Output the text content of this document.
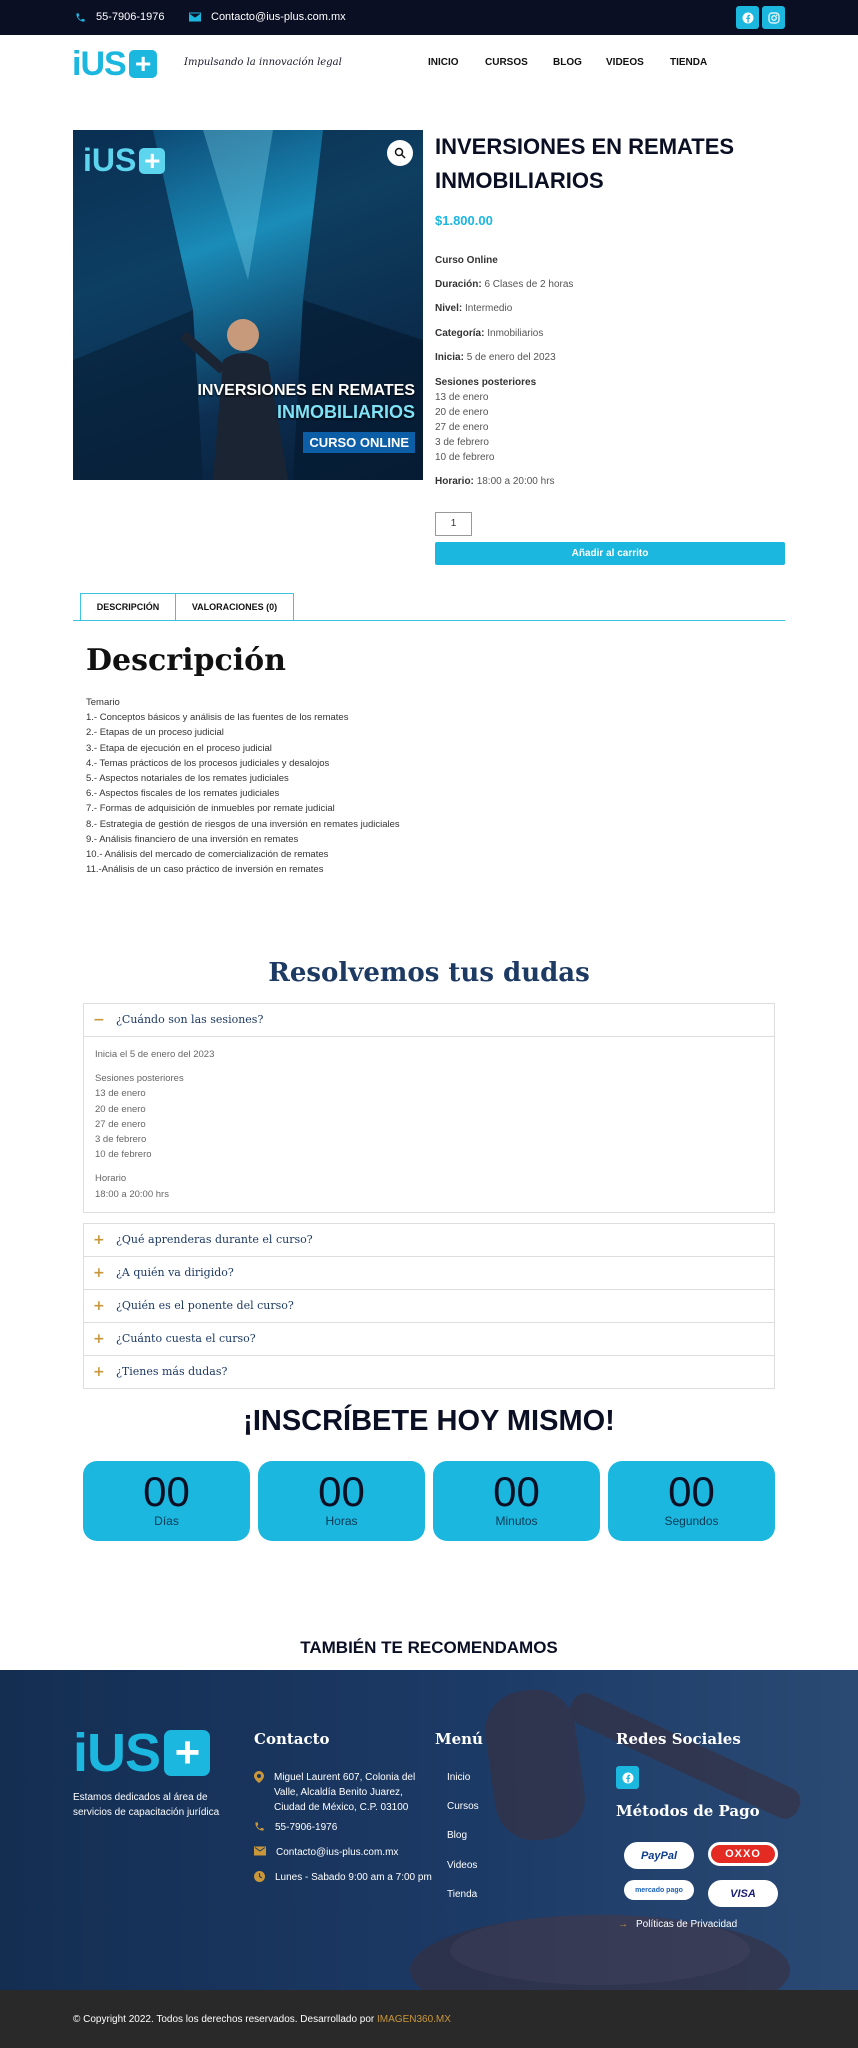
55-7906-1976	Contacto@ius-plus.com.mx
iUS +	Impulsando la innovación legal	INICIO	CURSOS	BLOG VIDEOS	TIENDA
iUS +
INVERSIONES EN REMATES
INMOBILIARIOS
CURSO ONLINE
INVERSIONES EN REMATES INMOBILIARIOS
$1.800.00
Curso Online
Duración: 6 Clases de 2 horas
Nivel: Intermedio
Categoría: Inmobiliarios
Inicia: 5 de enero del 2023
Sesiones posteriores
13 de enero
20 de enero
27 de enero
3 de febrero
10 de febrero
Horario: 18:00 a 20:00 hrs
1
Añadir al carrito
DESCRIPCIÓN	VALORACIONES (0)
Descripción
Temario
1.- Conceptos básicos y análisis de las fuentes de los remates
2.- Etapas de un proceso judicial
3.- Etapa de ejecución en el proceso judicial
4.- Temas prácticos de los procesos judiciales y desalojos
5.- Aspectos notariales de los remates judiciales
6.- Aspectos fiscales de los remates judiciales
7.- Formas de adquisición de inmuebles por remate judicial
8.- Estrategia de gestión de riesgos de una inversión en remates judiciales
9.- Análisis financiero de una inversión en remates
10.- Análisis del mercado de comercialización de remates
11.-Análisis de un caso práctico de inversión en remates
Resolvemos tus dudas
− ¿Cuándo son las sesiones?
Inicia el 5 de enero del 2023
Sesiones posteriores
13 de enero
20 de enero
27 de enero
3 de febrero
10 de febrero
Horario
18:00 a 20:00 hrs
+ ¿Qué aprenderas durante el curso?
+ ¿A quién va dirigido?
+ ¿Quién es el ponente del curso?
+ ¿Cuánto cuesta el curso?
+ ¿Tienes más dudas?
¡INSCRÍBETE HOY MISMO!
00
Días
00
Horas
00
Minutos
00
Segundos
TAMBIÉN TE RECOMENDAMOS
iUS +
Estamos dedicados al área de servicios de capacitación jurídica
Contacto
Miguel Laurent 607, Colonia del Valle, Alcaldía Benito Juarez, Ciudad de México, C.P. 03100
55-7906-1976
Contacto@ius-plus.com.mx
Lunes - Sabado 9:00 am a 7:00 pm
Menú
Inicio
Cursos
Blog
Videos
Tienda
Redes Sociales
Métodos de Pago
PayPal	OXXO
mercado pago	VISA
→ Políticas de Privacidad
© Copyright 2022. Todos los derechos reservados. Desarrollado por IMAGEN360.MX
